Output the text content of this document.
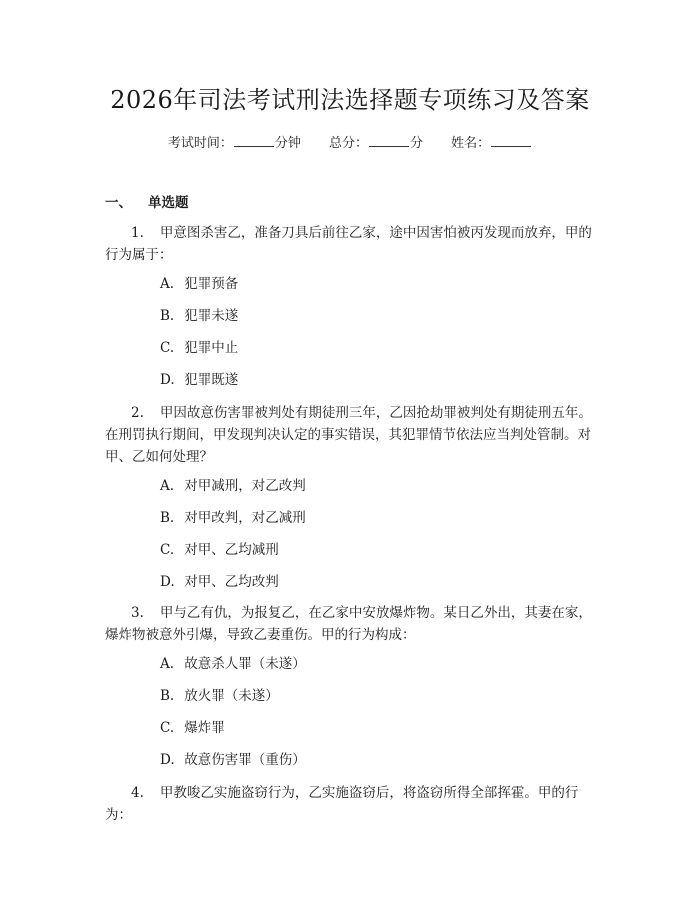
2026年司法考试刑法选择题专项练习及答案
考试时间：	分钟 总分：	分 姓名：
一、 单选题
1. 甲意图杀害乙，准备刀具后前往乙家，途中因害怕被丙发现而放弃，甲的行为属于：
A. 犯罪预备
B. 犯罪未遂
C. 犯罪中止
D. 犯罪既遂
2. 甲因故意伤害罪被判处有期徒刑三年，乙因抢劫罪被判处有期徒刑五年。在刑罚执行期间，甲发现判决认定的事实错误，其犯罪情节依法应当判处管制。对甲、乙如何处理？
A. 对甲减刑，对乙改判
B. 对甲改判，对乙减刑
C. 对甲、乙均减刑
D. 对甲、乙均改判
3. 甲与乙有仇，为报复乙，在乙家中安放爆炸物。某日乙外出，其妻在家，爆炸物被意外引爆，导致乙妻重伤。甲的行为构成：
A. 故意杀人罪（未遂）
B. 放火罪（未遂）
C. 爆炸罪
D. 故意伤害罪（重伤）
4. 甲教唆乙实施盗窃行为，乙实施盗窃后，将盗窃所得全部挥霍。甲的行为：
